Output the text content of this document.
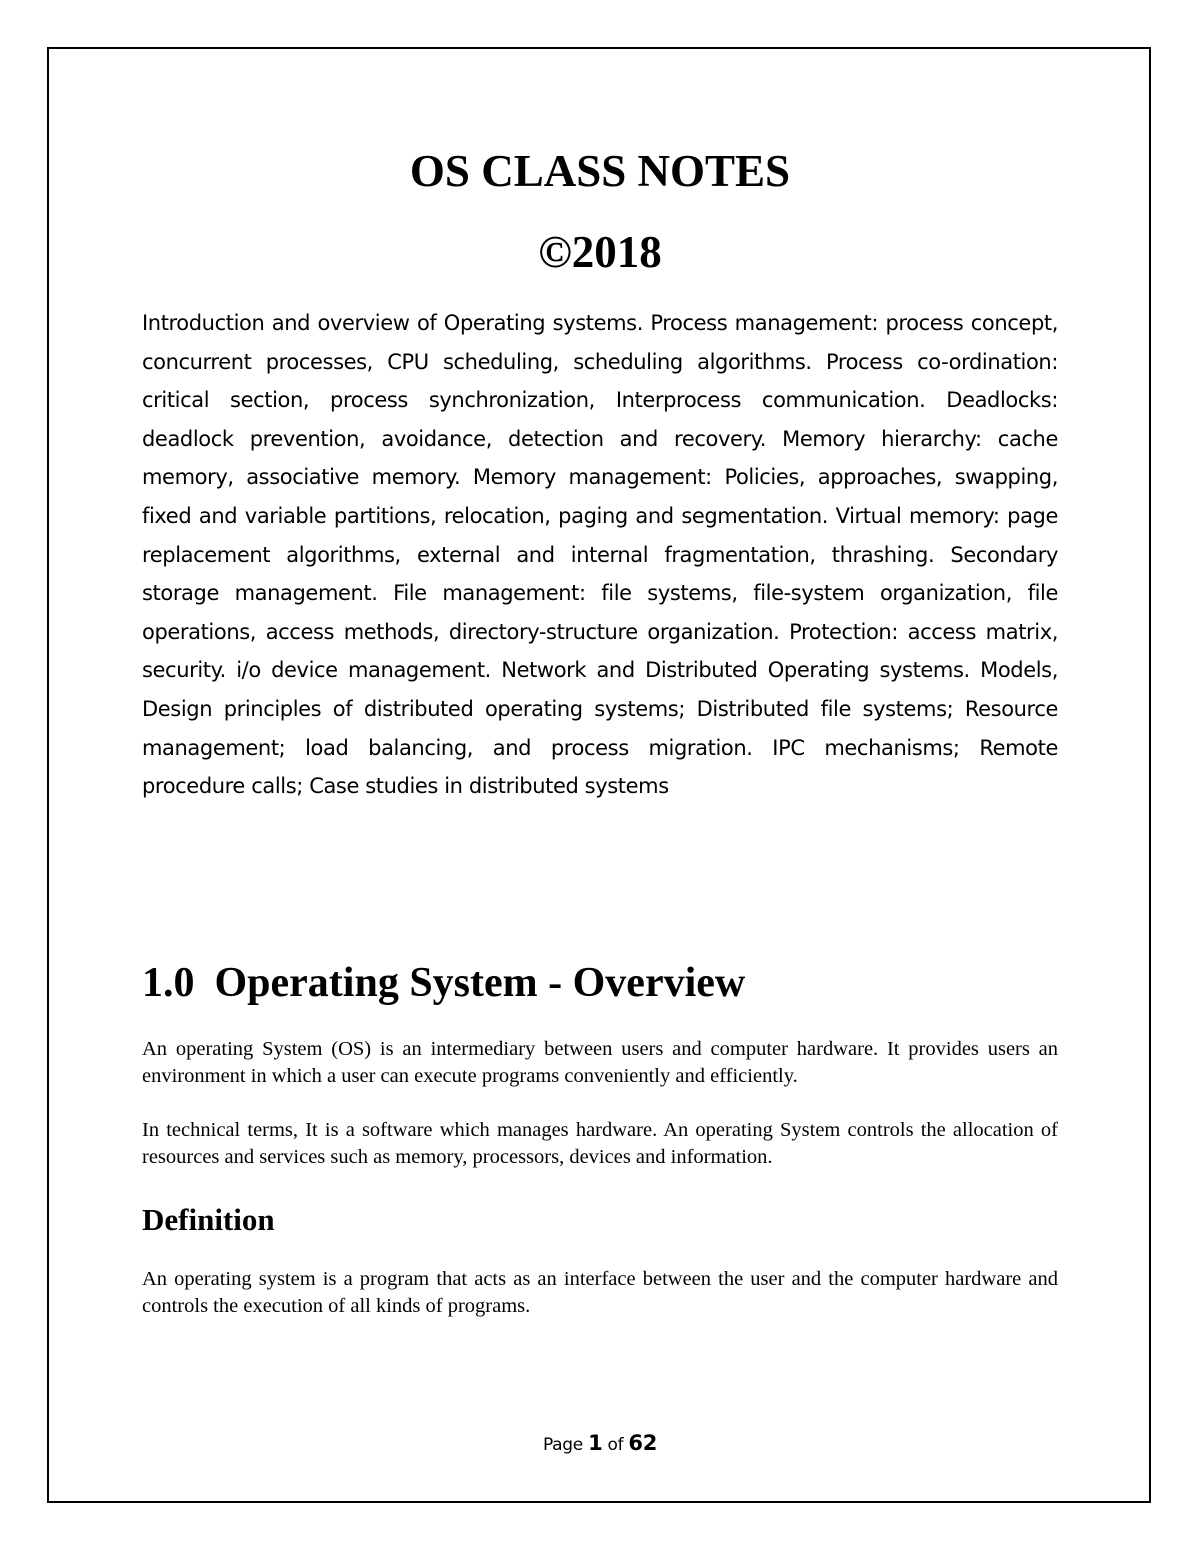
OS CLASS NOTES
©2018

Introduction and overview of Operating systems. Process management: process concept, concurrent processes, CPU scheduling, scheduling algorithms. Process co-ordination: critical section, process synchronization, Interprocess communication. Deadlocks: deadlock prevention, avoidance, detection and recovery. Memory hierarchy: cache memory, associative memory. Memory management: Policies, approaches, swapping, fixed and variable partitions, relocation, paging and segmentation. Virtual memory: page replacement algorithms, external and internal fragmentation, thrashing. Secondary storage management. File management: file systems, file-system organization, file operations, access methods, directory-structure organization. Protection: access matrix, security. i/o device management. Network and Distributed Operating systems. Models, Design principles of distributed operating systems; Distributed file systems; Resource management; load balancing, and process migration. IPC mechanisms; Remote procedure calls; Case studies in distributed systems

1.0 Operating System - Overview

An operating System (OS) is an intermediary between users and computer hardware. It provides users an environment in which a user can execute programs conveniently and efficiently.

In technical terms, It is a software which manages hardware. An operating System controls the allocation of resources and services such as memory, processors, devices and information.

Definition

An operating system is a program that acts as an interface between the user and the computer hardware and controls the execution of all kinds of programs.

Page 1 of 62
